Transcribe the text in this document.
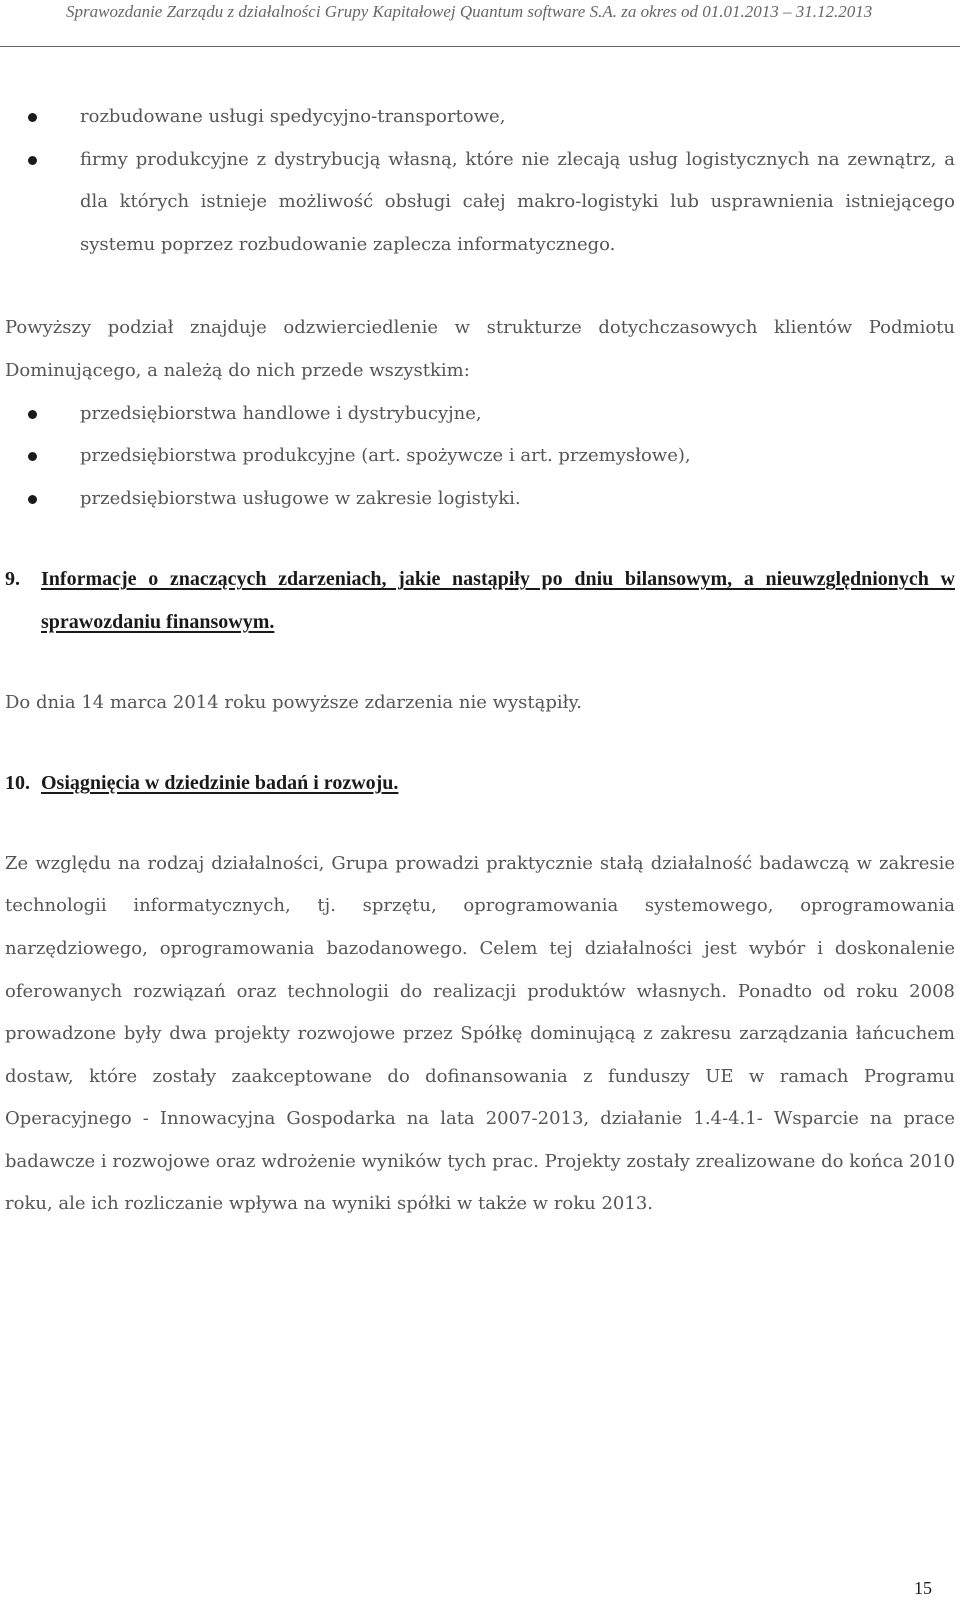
Sprawozdanie Zarządu z działalności Grupy Kapitałowej Quantum software S.A. za okres od 01.01.2013 – 31.12.2013
rozbudowane usługi spedycyjno-transportowe,
firmy produkcyjne z dystrybucją własną, które nie zlecają usług logistycznych na zewnątrz, a dla których istnieje możliwość obsługi całej makro-logistyki lub usprawnienia istniejącego systemu poprzez rozbudowanie zaplecza informatycznego.

Powyższy podział znajduje odzwierciedlenie w strukturze dotychczasowych klientów Podmiotu Dominującego, a należą do nich przede wszystkim:

przedsiębiorstwa handlowe i dystrybucyjne,
przedsiębiorstwa produkcyjne (art. spożywcze i art. przemysłowe),
przedsiębiorstwa usługowe w zakresie logistyki.
9. Informacje o znaczących zdarzeniach, jakie nastąpiły po dniu bilansowym, a nieuwzględnionych w sprawozdaniu finansowym.

Do dnia 14 marca 2014 roku powyższe zdarzenia nie wystąpiły.

10. Osiągnięcia w dziedzinie badań i rozwoju.

Ze względu na rodzaj działalności, Grupa prowadzi praktycznie stałą działalność badawczą w zakresie technologii informatycznych, tj. sprzętu, oprogramowania systemowego, oprogramowania narzędziowego, oprogramowania bazodanowego. Celem tej działalności jest wybór i doskonalenie oferowanych rozwiązań oraz technologii do realizacji produktów własnych. Ponadto od roku 2008 prowadzone były dwa projekty rozwojowe przez Spółkę dominującą z zakresu zarządzania łańcuchem dostaw, które zostały zaakceptowane do dofinansowania z funduszy UE w ramach Programu Operacyjnego - Innowacyjna Gospodarka na lata 2007-2013, działanie 1.4-4.1- Wsparcie na prace badawcze i rozwojowe oraz wdrożenie wyników tych prac. Projekty zostały zrealizowane do końca 2010 roku, ale ich rozliczanie wpływa na wyniki spółki w także w roku 2013.

15
